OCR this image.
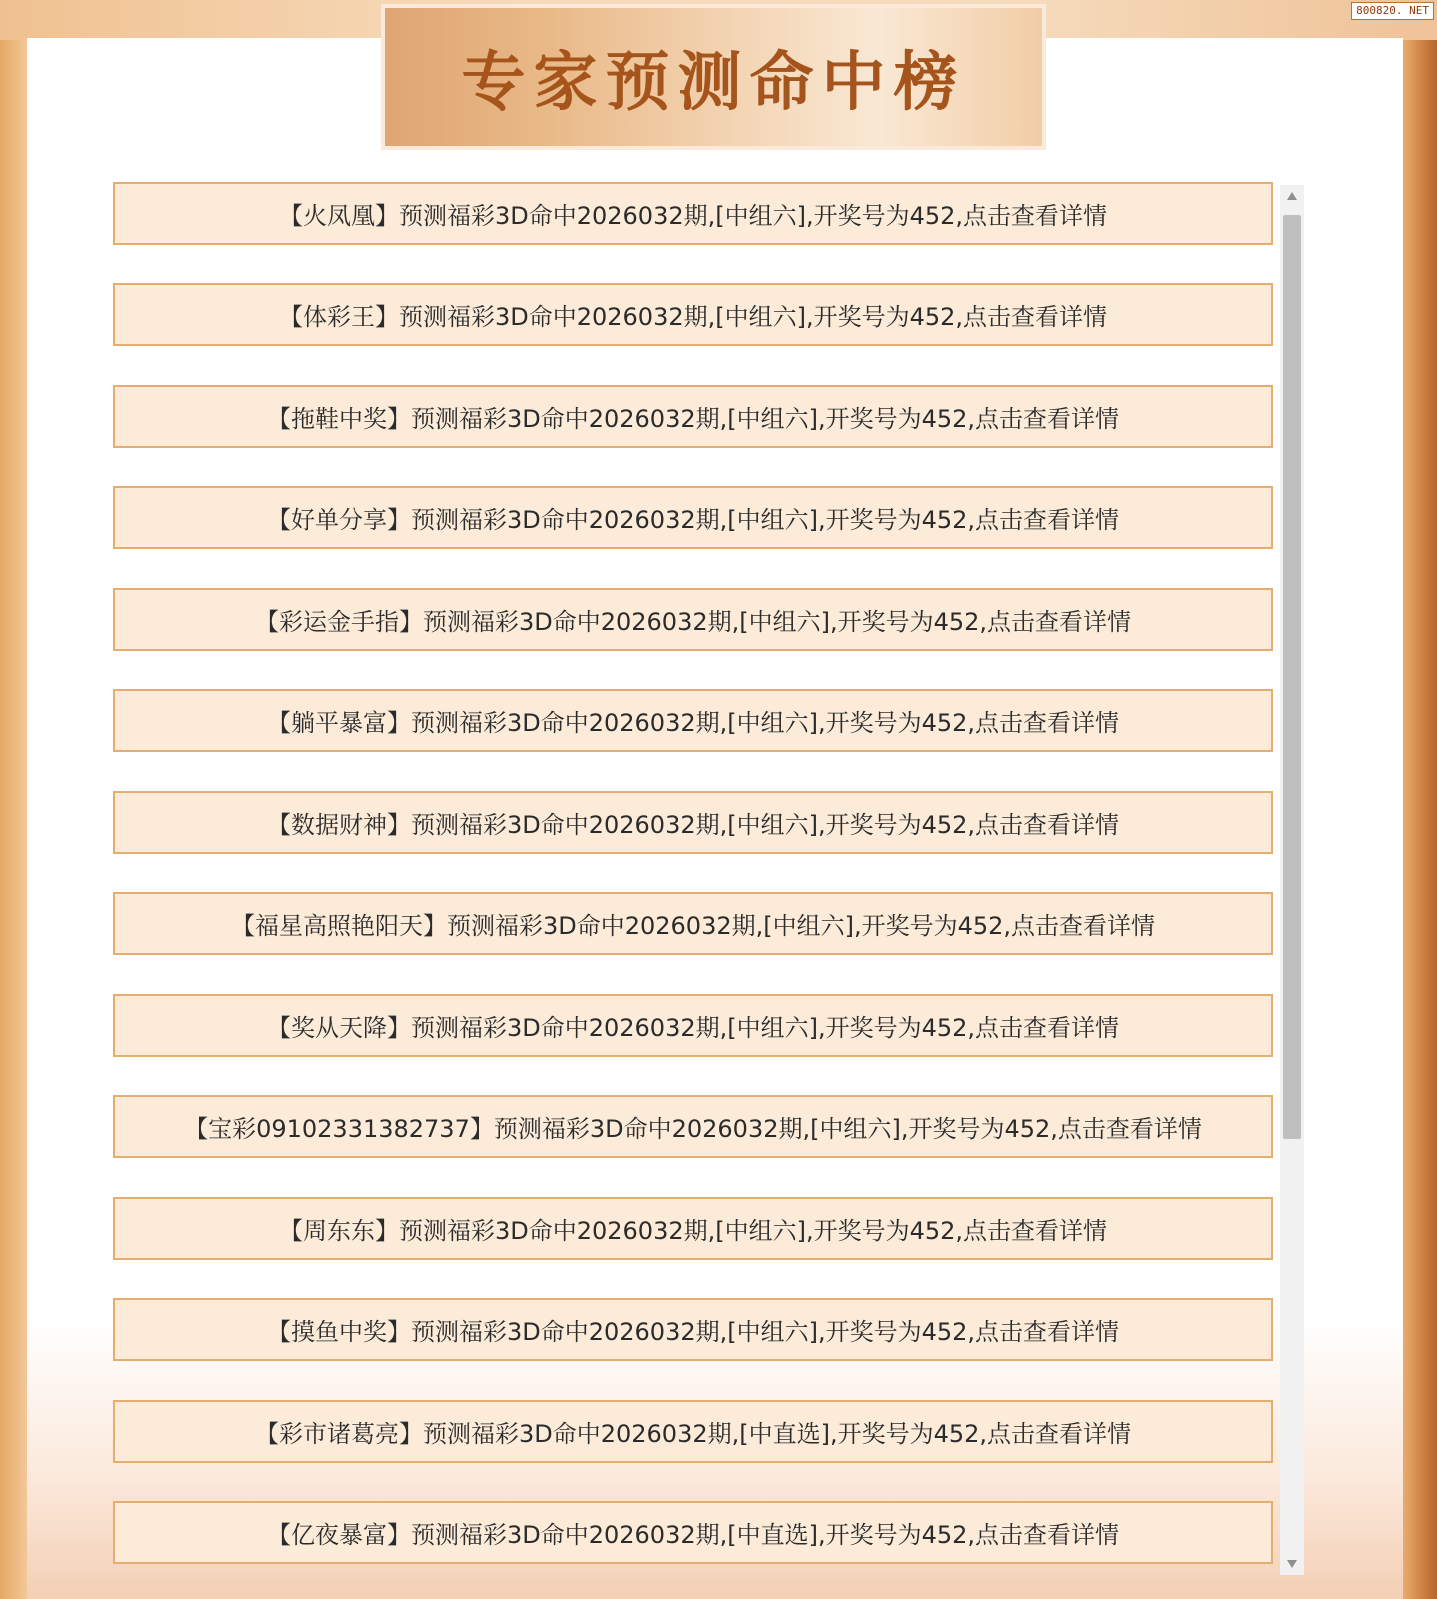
专家预测命中榜
800820. NET
【火凤凰】预测福彩3D命中2026032期,[中组六],开奖号为452,点击查看详情
【体彩王】预测福彩3D命中2026032期,[中组六],开奖号为452,点击查看详情
【拖鞋中奖】预测福彩3D命中2026032期,[中组六],开奖号为452,点击查看详情
【好单分享】预测福彩3D命中2026032期,[中组六],开奖号为452,点击查看详情
【彩运金手指】预测福彩3D命中2026032期,[中组六],开奖号为452,点击查看详情
【躺平暴富】预测福彩3D命中2026032期,[中组六],开奖号为452,点击查看详情
【数据财神】预测福彩3D命中2026032期,[中组六],开奖号为452,点击查看详情
【福星高照艳阳天】预测福彩3D命中2026032期,[中组六],开奖号为452,点击查看详情
【奖从天降】预测福彩3D命中2026032期,[中组六],开奖号为452,点击查看详情
【宝彩09102331382737】预测福彩3D命中2026032期,[中组六],开奖号为452,点击查看详情
【周东东】预测福彩3D命中2026032期,[中组六],开奖号为452,点击查看详情
【摸鱼中奖】预测福彩3D命中2026032期,[中组六],开奖号为452,点击查看详情
【彩市诸葛亮】预测福彩3D命中2026032期,[中直选],开奖号为452,点击查看详情
【亿夜暴富】预测福彩3D命中2026032期,[中直选],开奖号为452,点击查看详情
